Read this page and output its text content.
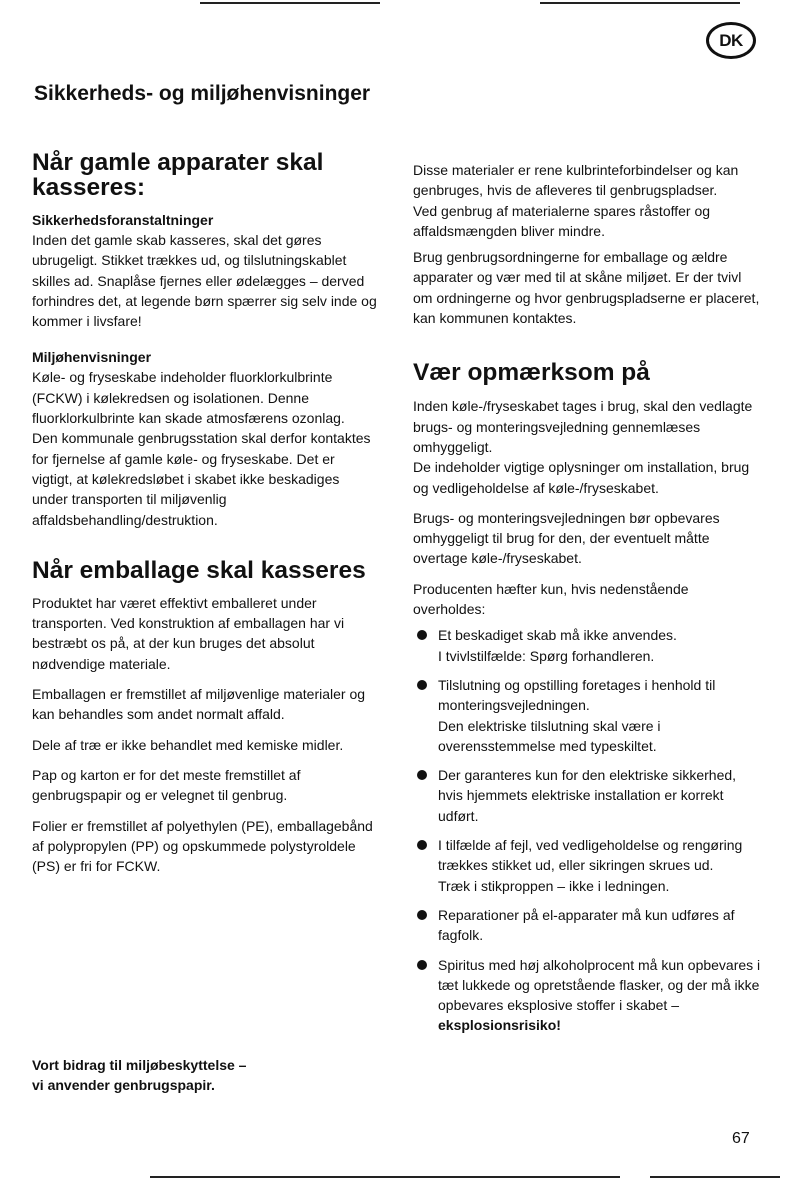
DK
Sikkerheds- og miljøhenvisninger
Når gamle apparater skal
kasseres:
Sikkerhedsforanstaltninger

Inden det gamle skab kasseres, skal det gøres ubrugeligt. Stikket trækkes ud, og tilslutningskablet skilles ad. Snaplåse fjernes eller ødelægges – derved forhindres det, at legende børn spærrer sig selv inde og kommer i livsfare!

Miljøhenvisninger

Køle- og fryseskabe indeholder fluorklorkulbrinte (FCKW) i kølekredsen og isolationen. Denne fluorklorkulbrinte kan skade atmosfærens ozonlag.

Den kommunale genbrugsstation skal derfor kontaktes for fjernelse af gamle køle- og fryseskabe. Det er vigtigt, at kølekredsløbet i skabet ikke beskadiges under transporten til miljøvenlig affaldsbehandling/destruktion.

Når emballage skal kasseres

Produktet har været effektivt emballeret under transporten. Ved konstruktion af emballagen har vi bestræbt os på, at der kun bruges det absolut nødvendige materiale.

Emballagen er fremstillet af miljøvenlige materialer og kan behandles som andet normalt affald.

Dele af træ er ikke behandlet med kemiske midler.

Pap og karton er for det meste fremstillet af genbrugspapir og er velegnet til genbrug.

Folier er fremstillet af polyethylen (PE), emballagebånd af polypropylen (PP) og opskummede polystyroldele (PS) er fri for FCKW.

Vort bidrag til miljøbeskyttelse –
vi anvender genbrugspapir.

Disse materialer er rene kulbrinteforbindelser og kan genbruges, hvis de afleveres til genbrugspladser.

Ved genbrug af materialerne spares råstoffer og affaldsmængden bliver mindre.

Brug genbrugsordningerne for emballage og ældre apparater og vær med til at skåne miljøet. Er der tvivl om ordningerne og hvor genbrugspladserne er placeret, kan kommunen kontaktes.

Vær opmærksom på

Inden køle-/fryseskabet tages i brug, skal den vedlagte brugs- og monteringsvejledning gennemlæses omhyggeligt.

De indeholder vigtige oplysninger om installation, brug og vedligeholdelse af køle-/fryseskabet.

Brugs- og monteringsvejledningen bør opbevares omhyggeligt til brug for den, der eventuelt måtte overtage køle-/fryseskabet.

Producenten hæfter kun, hvis nedenstående overholdes:

Et beskadiget skab må ikke anvendes.
I tvivlstilfælde: Spørg forhandleren.
Tilslutning og opstilling foretages i henhold til monteringsvejledningen.
Den elektriske tilslutning skal være i overensstemmelse med typeskiltet.
Der garanteres kun for den elektriske sikkerhed, hvis hjemmets elektriske installation er korrekt udført.
I tilfælde af fejl, ved vedligeholdelse og rengøring trækkes stikket ud, eller sikringen skrues ud.
Træk i stikproppen – ikke i ledningen.
Reparationer på el-apparater må kun udføres af fagfolk.
Spiritus med høj alkoholprocent må kun opbevares i tæt lukkede og opretstående flasker, og der må ikke opbevares eksplosive stoffer i skabet –
eksplosionsrisiko!
67
